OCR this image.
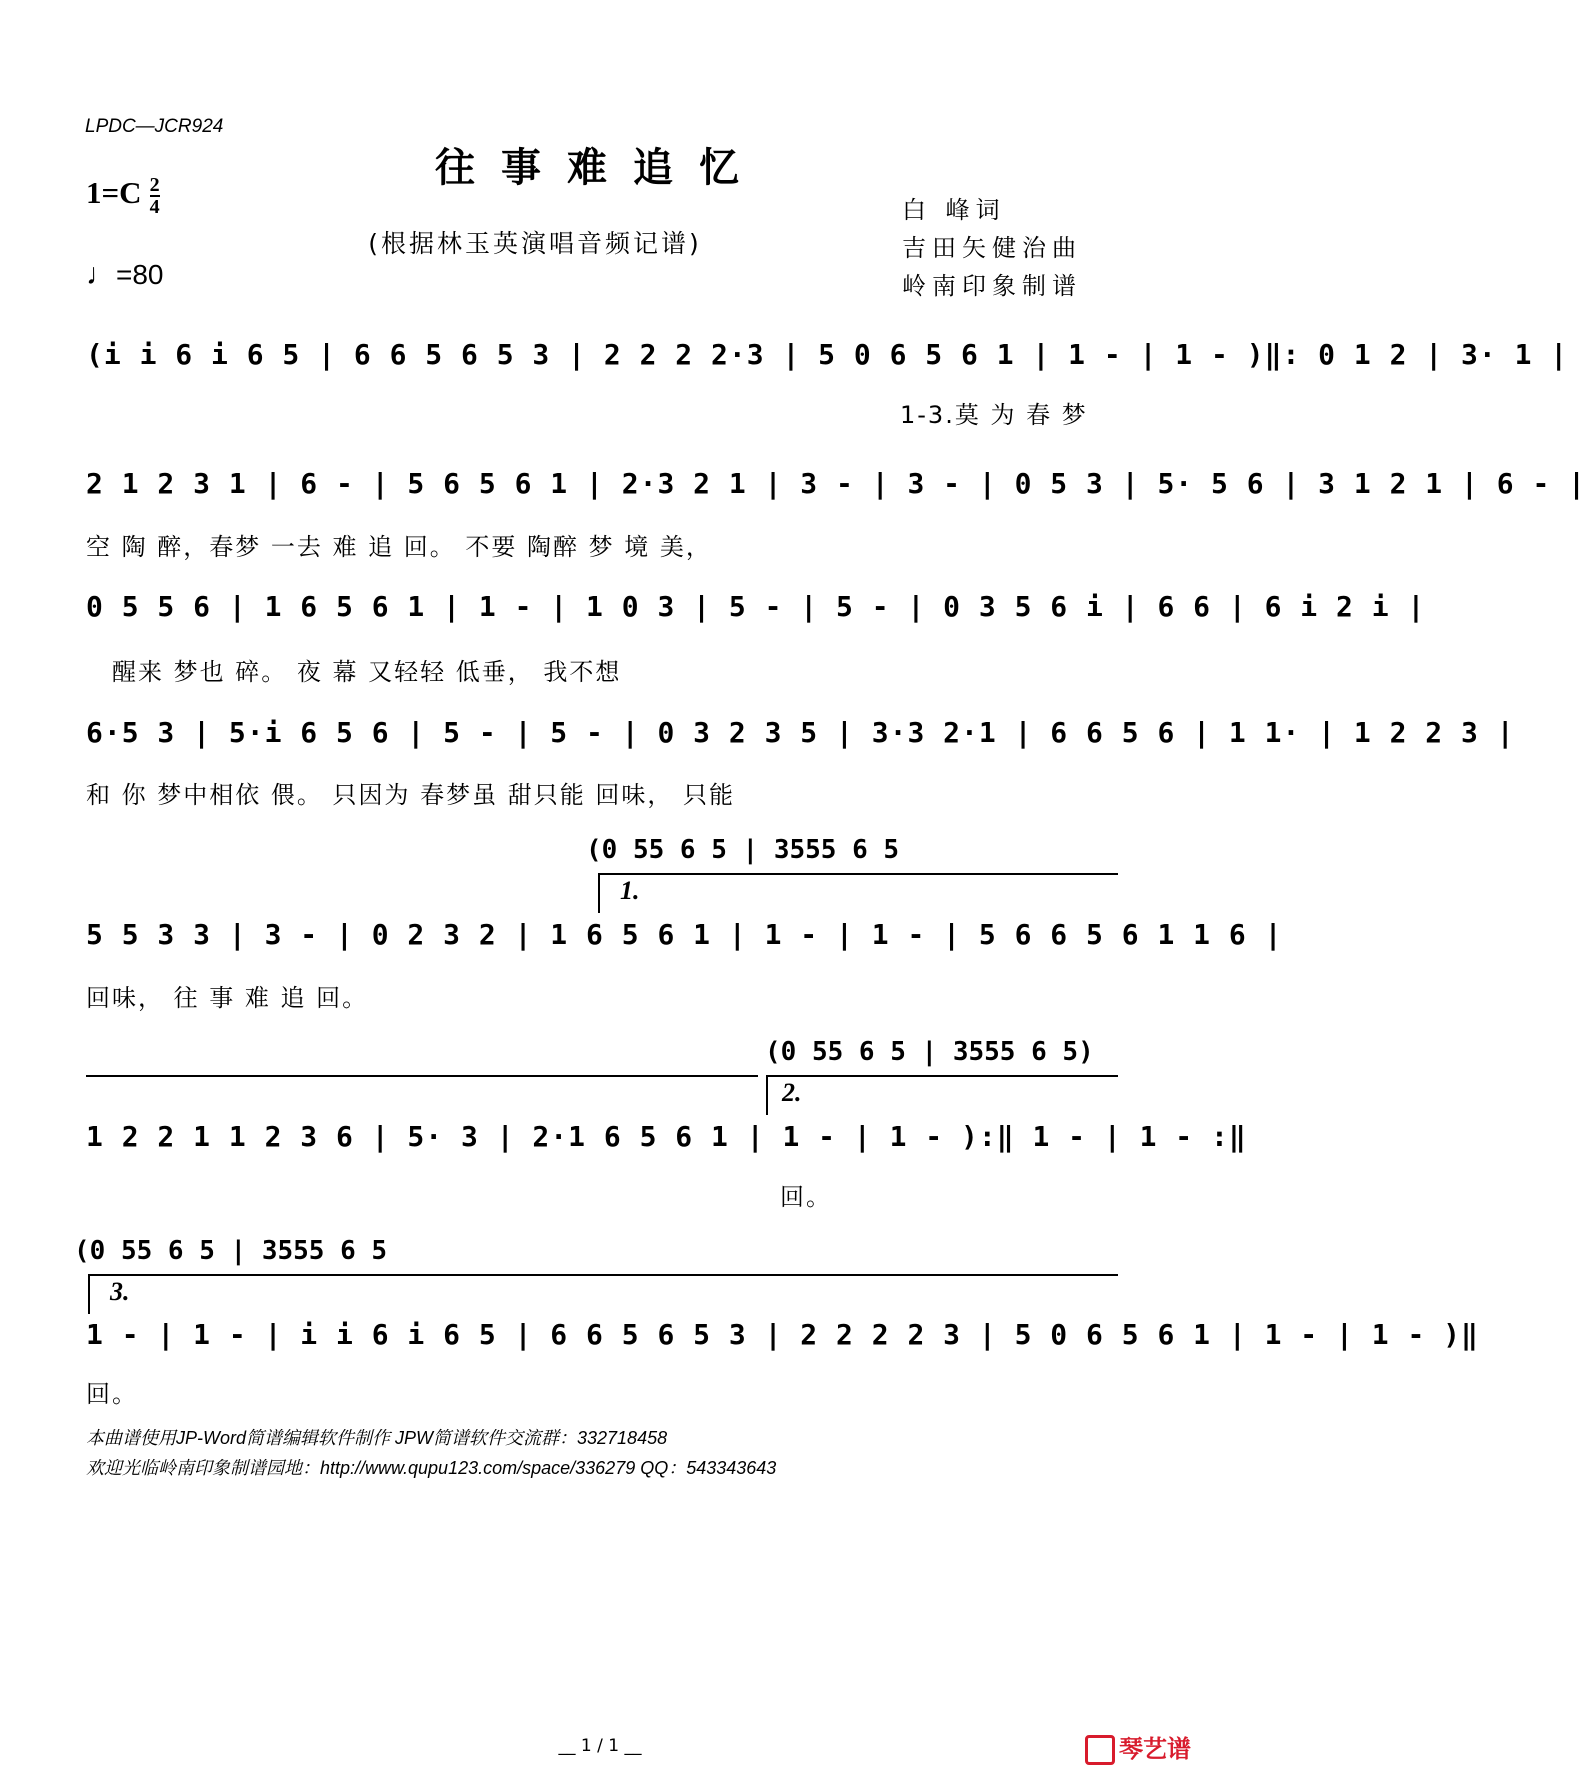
LPDC—JCR924
往事难追忆
$1=C \frac{2}{4}$
♩=80
(根据林玉英演唱音频记谱)
白 峰词
吉田矢健治曲
岭南印象制谱
(i i 6 i 6 5 | 6 6 5 6 5 3 | 2 2 2 2·3 | 5 0 6 5 6 1 | 1 - | 1 - )‖: 0 1 2 | 3· 1 |
1-3.莫 为 春 梦
2 1 2 3 1 | 6 - | 5 6 5 6 1 | 2·3 2 1 | 3 - | 3 - | 0 5 3 | 5· 5 6 | 3 1 2 1 | 6 - |
空 陶 醉，春梦 一去 难 追 回。 不要 陶醉 梦 境 美，
0 5 5 6 | 1 6 5 6 1 | 1 - | 1 0 3 | 5 - | 5 - | 0 3 5 6 i | 6 6 | 6 i 2 i |
醒来 梦也 碎。 夜 幕 又轻轻 低垂， 我不想
6·5 3 | 5·i 6 5 6 | 5 - | 5 - | 0 3 2 3 5 | 3·3 2·1 | 6 6 5 6 | 1 1· | 1 2 2 3 |
和 你 梦中相依 偎。 只因为 春梦虽 甜只能 回味， 只能
(0 55 6 5 | 3555 6 5
1.
5 5 3 3 | 3 - | 0 2 3 2 | 1 6 5 6 1 | 1 - | 1 - | 5 6 6 5 6 1 1 6 |
回味， 往 事 难 追 回。
(0 55 6 5 | 3555 6 5)
2.
1 2 2 1 1 2 3 6 | 5· 3 | 2·1 6 5 6 1 | 1 - | 1 - ):‖ 1 - | 1 - :‖
回。
(0 55 6 5 | 3555 6 5
3.
1 - | 1 - | i i 6 i 6 5 | 6 6 5 6 5 3 | 2 2 2 2 3 | 5 0 6 5 6 1 | 1 - | 1 - )‖
回。
本曲谱使用JP-Word简谱编辑软件制作 JPW简谱软件交流群：332718458
欢迎光临岭南印象制谱园地：http://www.qupu123.com/space/336279 QQ：543343643
__ 1 / 1 __	琴艺谱
